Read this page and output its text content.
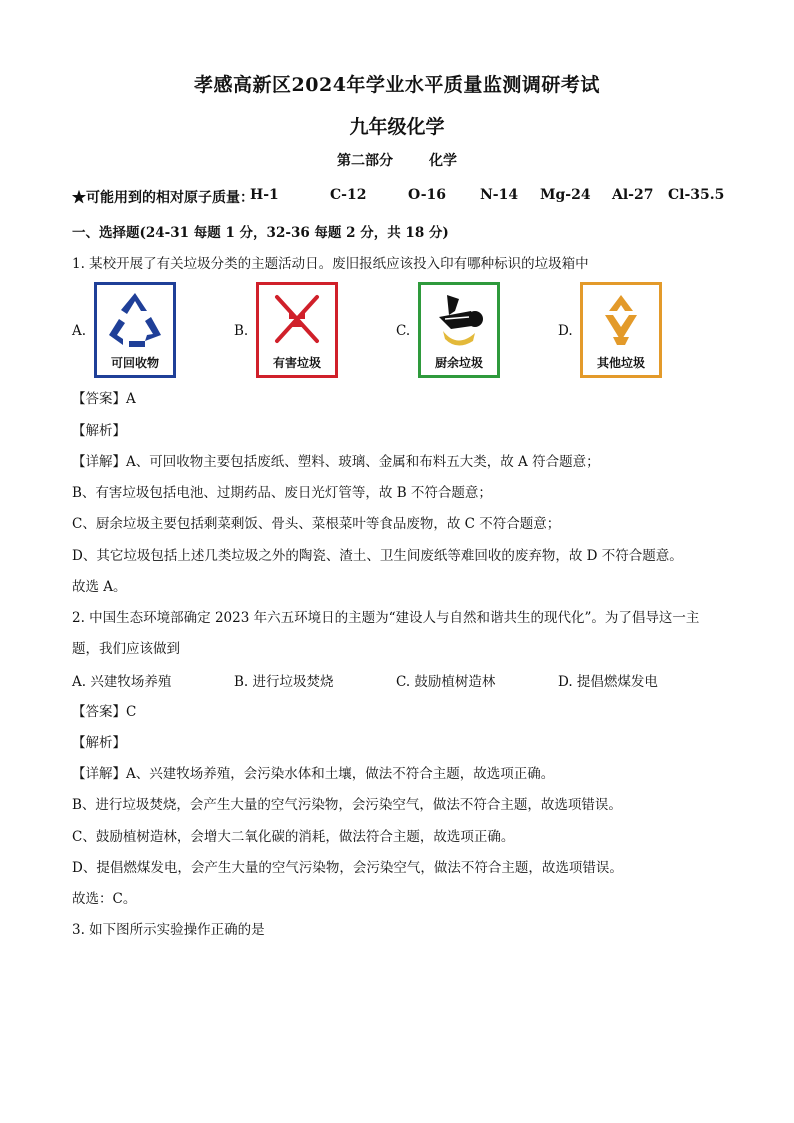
孝感高新区2024年学业水平质量监测调研考试
九年级化学
第二部分	化学
★可能用到的相对原子质量：
H-1	C-12	O-16 N-14 Mg-24 Al-27 Cl-35.5
一、选择题(24-31 每题 1 分，32-36 每题 2 分，共 18 分)
1. 某校开展了有关垃圾分类的主题活动日。废旧报纸应该投入印有哪种标识的垃圾箱中
A.
可回收物
B.
有害垃圾
C.
厨余垃圾
D.
其他垃圾
【答案】A
【解析】
【详解】A、可回收物主要包括废纸、塑料、玻璃、金属和布料五大类，故 A 符合题意；
B、有害垃圾包括电池、过期药品、废日光灯管等，故 B 不符合题意；
C、厨余垃圾主要包括剩菜剩饭、骨头、菜根菜叶等食品废物，故 C 不符合题意；
D、其它垃圾包括上述几类垃圾之外的陶瓷、渣土、卫生间废纸等难回收的废弃物，故 D 不符合题意。
故选 A。
2. 中国生态环境部确定 2023 年六五环境日的主题为“建设人与自然和谐共生的现代化”。为了倡导这一主
题，我们应该做到
A. 兴建牧场养殖	B. 进行垃圾焚烧	C. 鼓励植树造林	D. 提倡燃煤发电
【答案】C
【解析】
【详解】A、兴建牧场养殖，会污染水体和土壤，做法不符合主题，故选项正确。
B、进行垃圾焚烧，会产生大量的空气污染物，会污染空气，做法不符合主题，故选项错误。
C、鼓励植树造林，会增大二氧化碳的消耗，做法符合主题，故选项正确。
D、提倡燃煤发电，会产生大量的空气污染物，会污染空气，做法不符合主题，故选项错误。
故选：C。
3. 如下图所示实验操作正确的是
